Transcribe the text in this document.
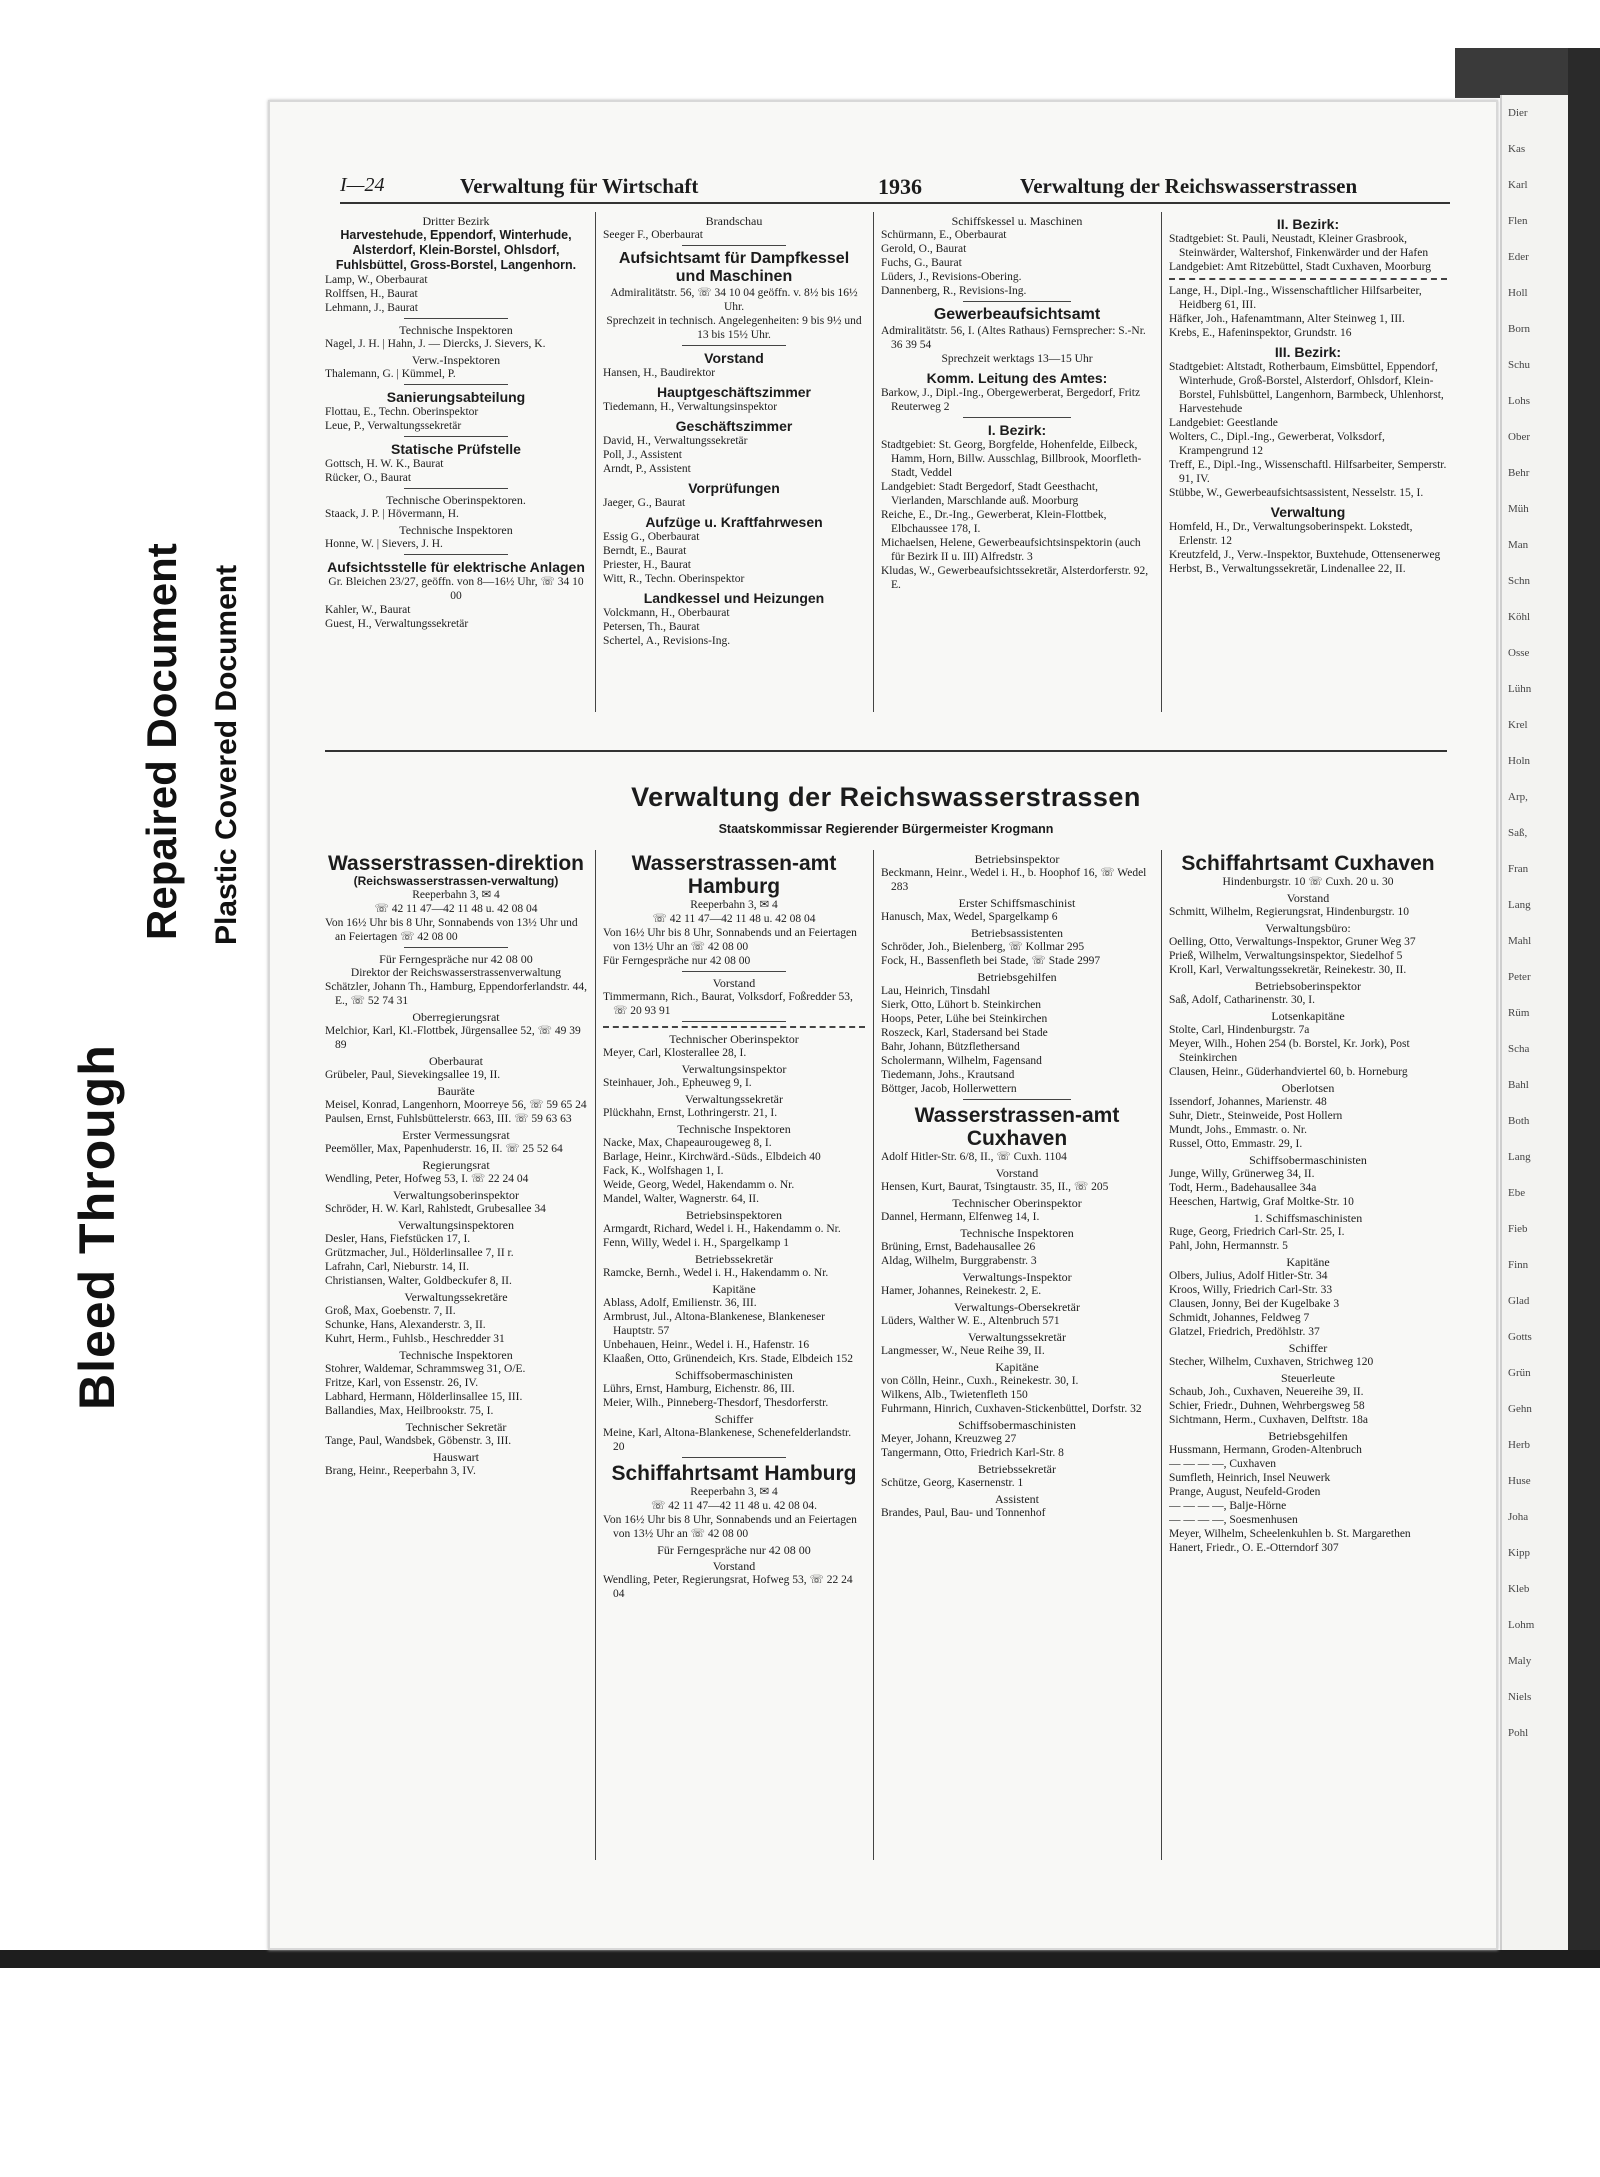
Dier
Kas
Karl
Flen
Eder
Holl
Born
Schu
Lohs
Ober
Behr
Müh
Man
Schn
Köhl
Osse
Lühn
Krel
Holn
Arp,
Saß,
Fran
Lang
Mahl
Peter
Rüm
Scha
Bahl
Both
Lang
Ebe
Fieb
Finn
Glad
Gotts
Grün
Gehn
Herb
Huse
Joha
Kipp
Kleb
Lohm
Maly
Niels
Pohl
Bleed Through
Repaired Document Plastic Covered Document
I—24	Verwaltung für Wirtschaft	1936	Verwaltung der Reichswasserstrassen
Dritter Bezirk
Harvestehude, Eppendorf, Winterhude, Alsterdorf, Klein-Borstel, Ohlsdorf, Fuhlsbüttel, Gross-Borstel, Langenhorn.
Lamp, W., Oberbaurat
Rolffsen, H., Baurat
Lehmann, J., Baurat
Technische Inspektoren
Nagel, J. H. | Hahn, J. — Diercks, J. Sievers, K.
Verw.-Inspektoren
Thalemann, G. | Kümmel, P.
Sanierungsabteilung
Flottau, E., Techn. Oberinspektor
Leue, P., Verwaltungssekretär
Statische Prüfstelle
Gottsch, H. W. K., Baurat
Rücker, O., Baurat
Technische Oberinspektoren.
Staack, J. P. | Hövermann, H.
Technische Inspektoren
Honne, W. | Sievers, J. H.
Aufsichtsstelle für elektrische Anlagen
Gr. Bleichen 23/27, geöffn. von 8—16½ Uhr, ☏ 34 10 00
Kahler, W., Baurat
Guest, H., Verwaltungssekretär
Brandschau
Seeger F., Oberbaurat
Aufsichtsamt für Dampfkessel und Maschinen
Admiralitätstr. 56, ☏ 34 10 04 geöffn. v. 8½ bis 16½ Uhr.
Sprechzeit in technisch. Angelegenheiten: 9 bis 9½ und 13 bis 15½ Uhr.
Vorstand
Hansen, H., Baudirektor
Hauptgeschäftszimmer
Tiedemann, H., Verwaltungsinspektor
Geschäftszimmer
David, H., Verwaltungssekretär
Poll, J., Assistent
Arndt, P., Assistent
Vorprüfungen
Jaeger, G., Baurat
Aufzüge u. Kraftfahrwesen
Essig G., Oberbaurat
Berndt, E., Baurat
Priester, H., Baurat
Witt, R., Techn. Oberinspektor
Landkessel und Heizungen
Volckmann, H., Oberbaurat
Petersen, Th., Baurat
Schertel, A., Revisions-Ing.
Schiffskessel u. Maschinen
Schürmann, E., Oberbaurat
Gerold, O., Baurat
Fuchs, G., Baurat
Lüders, J., Revisions-Obering.
Dannenberg, R., Revisions-Ing.
Gewerbeaufsichtsamt
Admiralitätstr. 56, I. (Altes Rathaus) Fernsprecher: S.-Nr. 36 39 54
Sprechzeit werktags 13—15 Uhr
Komm. Leitung des Amtes:
Barkow, J., Dipl.-Ing., Obergewerberat, Bergedorf, Fritz Reuterweg 2
I. Bezirk:
Stadtgebiet: St. Georg, Borgfelde, Hohenfelde, Eilbeck, Hamm, Horn, Billw. Ausschlag, Billbrook, Moorfleth-Stadt, Veddel
Landgebiet: Stadt Bergedorf, Stadt Geesthacht, Vierlanden, Marschlande auß. Moorburg
Reiche, E., Dr.-Ing., Gewerberat, Klein-Flottbek, Elbchaussee 178, I.
Michaelsen, Helene, Gewerbeaufsichtsinspektorin (auch für Bezirk II u. III) Alfredstr. 3
Kludas, W., Gewerbeaufsichtssekretär, Alsterdorferstr. 92, E.
II. Bezirk:
Stadtgebiet: St. Pauli, Neustadt, Kleiner Grasbrook, Steinwärder, Waltershof, Finkenwärder und der Hafen
Landgebiet: Amt Ritzebüttel, Stadt Cuxhaven, Moorburg
Lange, H., Dipl.-Ing., Wissenschaftlicher Hilfsarbeiter, Heidberg 61, III.
Häfker, Joh., Hafenamtmann, Alter Steinweg 1, III.
Krebs, E., Hafeninspektor, Grundstr. 16
III. Bezirk:
Stadtgebiet: Altstadt, Rotherbaum, Eimsbüttel, Eppendorf, Winterhude, Groß-Borstel, Alsterdorf, Ohlsdorf, Klein-Borstel, Fuhlsbüttel, Langenhorn, Barmbeck, Uhlenhorst, Harvestehude
Landgebiet: Geestlande
Wolters, C., Dipl.-Ing., Gewerberat, Volksdorf, Krampengrund 12
Treff, E., Dipl.-Ing., Wissenschaftl. Hilfsarbeiter, Semperstr. 91, IV.
Stübbe, W., Gewerbeaufsichtsassistent, Nesselstr. 15, I.
Verwaltung
Homfeld, H., Dr., Verwaltungsoberinspekt. Lokstedt, Erlenstr. 12
Kreutzfeld, J., Verw.-Inspektor, Buxtehude, Ottensenerweg
Herbst, B., Verwaltungssekretär, Lindenallee 22, II.
Verwaltung der Reichswasserstrassen
Staatskommissar Regierender Bürgermeister Krogmann
Wasserstrassen-direktion
(Reichswasserstrassen-verwaltung)
Reeperbahn 3, ✉ 4
☏ 42 11 47—42 11 48 u. 42 08 04
Von 16½ Uhr bis 8 Uhr, Sonnabends von 13½ Uhr und an Feiertagen ☏ 42 08 00
Für Ferngespräche nur 42 08 00
Direktor der Reichswasserstrassenverwaltung
Schätzler, Johann Th., Hamburg, Eppendorferlandstr. 44, E., ☏ 52 74 31
Oberregierungsrat
Melchior, Karl, Kl.-Flottbek, Jürgensallee 52, ☏ 49 39 89
Oberbaurat
Grübeler, Paul, Sievekingsallee 19, II.
Bauräte
Meisel, Konrad, Langenhorn, Moorreye 56, ☏ 59 65 24
Paulsen, Ernst, Fuhlsbüttelerstr. 663, III. ☏ 59 63 63
Erster Vermessungsrat
Peemöller, Max, Papenhuderstr. 16, II. ☏ 25 52 64
Regierungsrat
Wendling, Peter, Hofweg 53, I. ☏ 22 24 04
Verwaltungsoberinspektor
Schröder, H. W. Karl, Rahlstedt, Grubesallee 34
Verwaltungsinspektoren
Desler, Hans, Fiefstücken 17, I.
Grützmacher, Jul., Hölderlinsallee 7, II r.
Lafrahn, Carl, Nieburstr. 14, II.
Christiansen, Walter, Goldbeckufer 8, II.
Verwaltungssekretäre
Groß, Max, Goebenstr. 7, II.
Schunke, Hans, Alexanderstr. 3, II.
Kuhrt, Herm., Fuhlsb., Heschredder 31
Technische Inspektoren
Stohrer, Waldemar, Schrammsweg 31, O/E.
Fritze, Karl, von Essenstr. 26, IV.
Labhard, Hermann, Hölderlinsallee 15, III.
Ballandies, Max, Heilbrookstr. 75, I.
Technischer Sekretär
Tange, Paul, Wandsbek, Göbenstr. 3, III.
Hauswart
Brang, Heinr., Reeperbahn 3, IV.
Wasserstrassen-amt Hamburg
Reeperbahn 3, ✉ 4
☏ 42 11 47—42 11 48 u. 42 08 04
Von 16½ Uhr bis 8 Uhr, Sonnabends und an Feiertagen von 13½ Uhr an ☏ 42 08 00
Für Ferngespräche nur 42 08 00
Vorstand
Timmermann, Rich., Baurat, Volksdorf, Foßredder 53, ☏ 20 93 91
Technischer Oberinspektor
Meyer, Carl, Klosterallee 28, I.
Verwaltungsinspektor
Steinhauer, Joh., Epheuweg 9, I.
Verwaltungssekretär
Plückhahn, Ernst, Lothringerstr. 21, I.
Technische Inspektoren
Nacke, Max, Chapeaurougeweg 8, I.
Barlage, Heinr., Kirchwärd.-Süds., Elbdeich 40
Fack, K., Wolfshagen 1, I.
Weide, Georg, Wedel, Hakendamm o. Nr.
Mandel, Walter, Wagnerstr. 64, II.
Betriebsinspektoren
Armgardt, Richard, Wedel i. H., Hakendamm o. Nr.
Fenn, Willy, Wedel i. H., Spargelkamp 1
Betriebssekretär
Ramcke, Bernh., Wedel i. H., Hakendamm o. Nr.
Kapitäne
Ablass, Adolf, Emilienstr. 36, III.
Armbrust, Jul., Altona-Blankenese, Blankeneser Hauptstr. 57
Unbehauen, Heinr., Wedel i. H., Hafenstr. 16
Klaaßen, Otto, Grünendeich, Krs. Stade, Elbdeich 152
Schiffsobermaschinisten
Lührs, Ernst, Hamburg, Eichenstr. 86, III.
Meier, Wilh., Pinneberg-Thesdorf, Thesdorferstr.
Schiffer
Meine, Karl, Altona-Blankenese, Schenefelderlandstr. 20
Schiffahrtsamt Hamburg
Reeperbahn 3, ✉ 4
☏ 42 11 47—42 11 48 u. 42 08 04.
Von 16½ Uhr bis 8 Uhr, Sonnabends und an Feiertagen von 13½ Uhr an ☏ 42 08 00
Für Ferngespräche nur 42 08 00
Vorstand
Wendling, Peter, Regierungsrat, Hofweg 53, ☏ 22 24 04
Betriebsinspektor
Beckmann, Heinr., Wedel i. H., b. Hoophof 16, ☏ Wedel 283
Erster Schiffsmaschinist
Hanusch, Max, Wedel, Spargelkamp 6
Betriebsassistenten
Schröder, Joh., Bielenberg, ☏ Kollmar 295
Fock, H., Bassenfleth bei Stade, ☏ Stade 2997
Betriebsgehilfen
Lau, Heinrich, Tinsdahl
Sierk, Otto, Lühort b. Steinkirchen
Hoops, Peter, Lühe bei Steinkirchen
Roszeck, Karl, Stadersand bei Stade
Bahr, Johann, Bützflethersand
Scholermann, Wilhelm, Fagensand
Tiedemann, Johs., Krautsand
Böttger, Jacob, Hollerwettern
Wasserstrassen-amt Cuxhaven
Adolf Hitler-Str. 6/8, II., ☏ Cuxh. 1104
Vorstand
Hensen, Kurt, Baurat, Tsingtaustr. 35, II., ☏ 205
Technischer Oberinspektor
Dannel, Hermann, Elfenweg 14, I.
Technische Inspektoren
Brüning, Ernst, Badehausallee 26
Aldag, Wilhelm, Burggrabenstr. 3
Verwaltungs-Inspektor
Hamer, Johannes, Reinekestr. 2, E.
Verwaltungs-Obersekretär
Lüders, Walther W. E., Altenbruch 571
Verwaltungssekretär
Langmesser, W., Neue Reihe 39, II.
Kapitäne
von Cölln, Heinr., Cuxh., Reinekestr. 30, I.
Wilkens, Alb., Twietenfleth 150
Fuhrmann, Hinrich, Cuxhaven-Stickenbüttel, Dorfstr. 32
Schiffsobermaschinisten
Meyer, Johann, Kreuzweg 27
Tangermann, Otto, Friedrich Karl-Str. 8
Betriebssekretär
Schütze, Georg, Kasernenstr. 1
Assistent
Brandes, Paul, Bau- und Tonnenhof
Schiffahrtsamt Cuxhaven
Hindenburgstr. 10 ☏ Cuxh. 20 u. 30
Vorstand
Schmitt, Wilhelm, Regierungsrat, Hindenburgstr. 10
Verwaltungsbüro:
Oelling, Otto, Verwaltungs-Inspektor, Gruner Weg 37
Prieß, Wilhelm, Verwaltungsinspektor, Siedelhof 5
Kroll, Karl, Verwaltungssekretär, Reinekestr. 30, II.
Betriebsoberinspektor
Saß, Adolf, Catharinenstr. 30, I.
Lotsenkapitäne
Stolte, Carl, Hindenburgstr. 7a
Meyer, Wilh., Hohen 254 (b. Borstel, Kr. Jork), Post Steinkirchen
Clausen, Heinr., Güderhandviertel 60, b. Horneburg
Oberlotsen
Issendorf, Johannes, Marienstr. 48
Suhr, Dietr., Steinweide, Post Hollern
Mundt, Johs., Emmastr. o. Nr.
Russel, Otto, Emmastr. 29, I.
Schiffsobermaschinisten
Junge, Willy, Grünerweg 34, II.
Todt, Herm., Badehausallee 34a
Heeschen, Hartwig, Graf Moltke-Str. 10
1. Schiffsmaschinisten
Ruge, Georg, Friedrich Carl-Str. 25, I.
Pahl, John, Hermannstr. 5
Kapitäne
Olbers, Julius, Adolf Hitler-Str. 34
Kroos, Willy, Friedrich Carl-Str. 33
Clausen, Jonny, Bei der Kugelbake 3
Schmidt, Johannes, Feldweg 7
Glatzel, Friedrich, Predöhlstr. 37
Schiffer
Stecher, Wilhelm, Cuxhaven, Strichweg 120
Steuerleute
Schaub, Joh., Cuxhaven, Neuereihe 39, II.
Schier, Friedr., Duhnen, Wehrbergsweg 58
Sichtmann, Herm., Cuxhaven, Delftstr. 18a
Betriebsgehilfen
Hussmann, Hermann, Groden-Altenbruch
— — — —, Cuxhaven
Sumfleth, Heinrich, Insel Neuwerk
Prange, August, Neufeld-Groden
— — — —, Balje-Hörne
— — — —, Soesmenhusen
Meyer, Wilhelm, Scheelenkuhlen b. St. Margarethen
Hanert, Friedr., O. E.-Otterndorf 307
